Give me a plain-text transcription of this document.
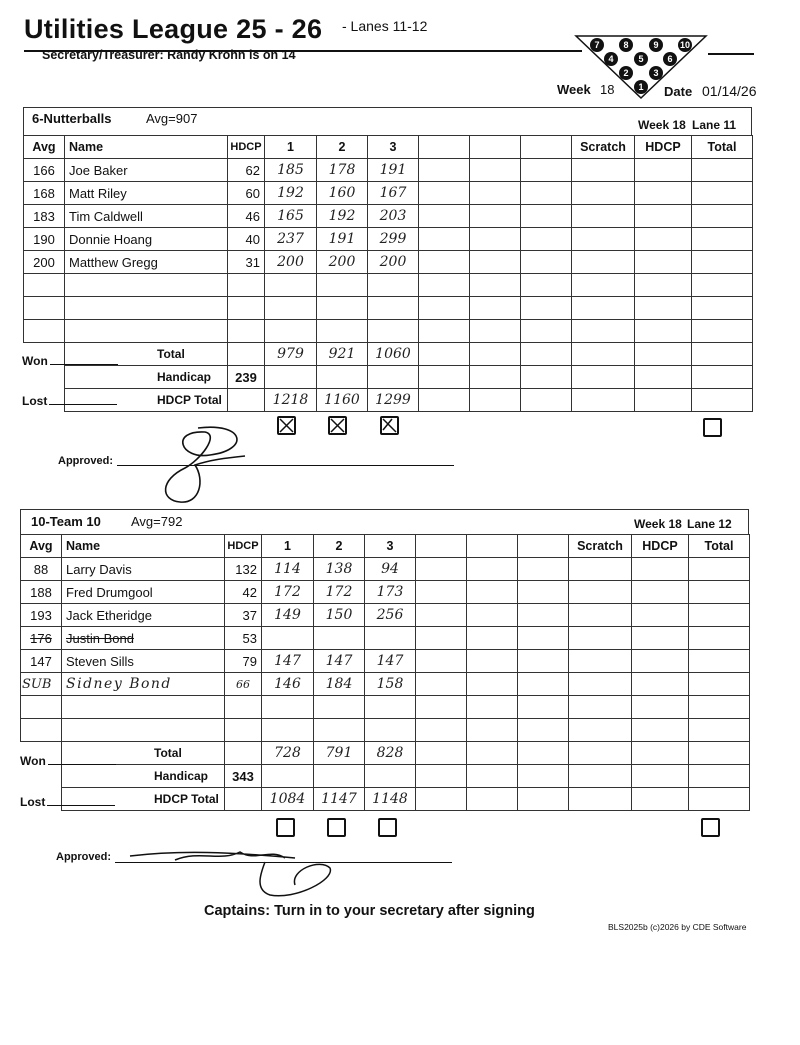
Utilities League 25 - 26 - Lanes 11-12
Secretary/Treasurer: Randy Krohn is on 14
7	8	9 10
4	5	6
2	3
1
Week 18	Date 01/14/26
6-Nutterballs	Avg=907	Week 18 Lane 11
Avg	Name	HDCP	1	2	3				Scratch	HDCP	Total
166	Joe Baker	62	185	178	191						
168	Matt Riley	60	192	160	167						
183	Tim Caldwell	46	165	192	203						
190	Donnie Hoang	40	237	191	299						
200	Matthew Gregg	31	200	200	200						

	Total		979	921	1060						
	Handicap	239									
	HDCP Total		1218	1160	1299						
Won
Lost
Approved:
10-Team 10 Avg=792	Week 18 Lane 12
Avg	Name	HDCP	1	2	3				Scratch	HDCP	Total
88	Larry Davis	132	114	138	94						
188	Fred Drumgool	42	172	172	173						
193	Jack Etheridge	37	149	150	256						
176	Justin Bond	53									
147	Steven Sills	79	147	147	147						
SUB	Sidney Bond	66	146	184	158						

	Total		728	791	828						
	Handicap	343									
	HDCP Total		1084	1147	1148						
Won
Lost
Approved:
Captains: Turn in to your secretary after signing
BLS2025b (c)2026 by CDE Software
